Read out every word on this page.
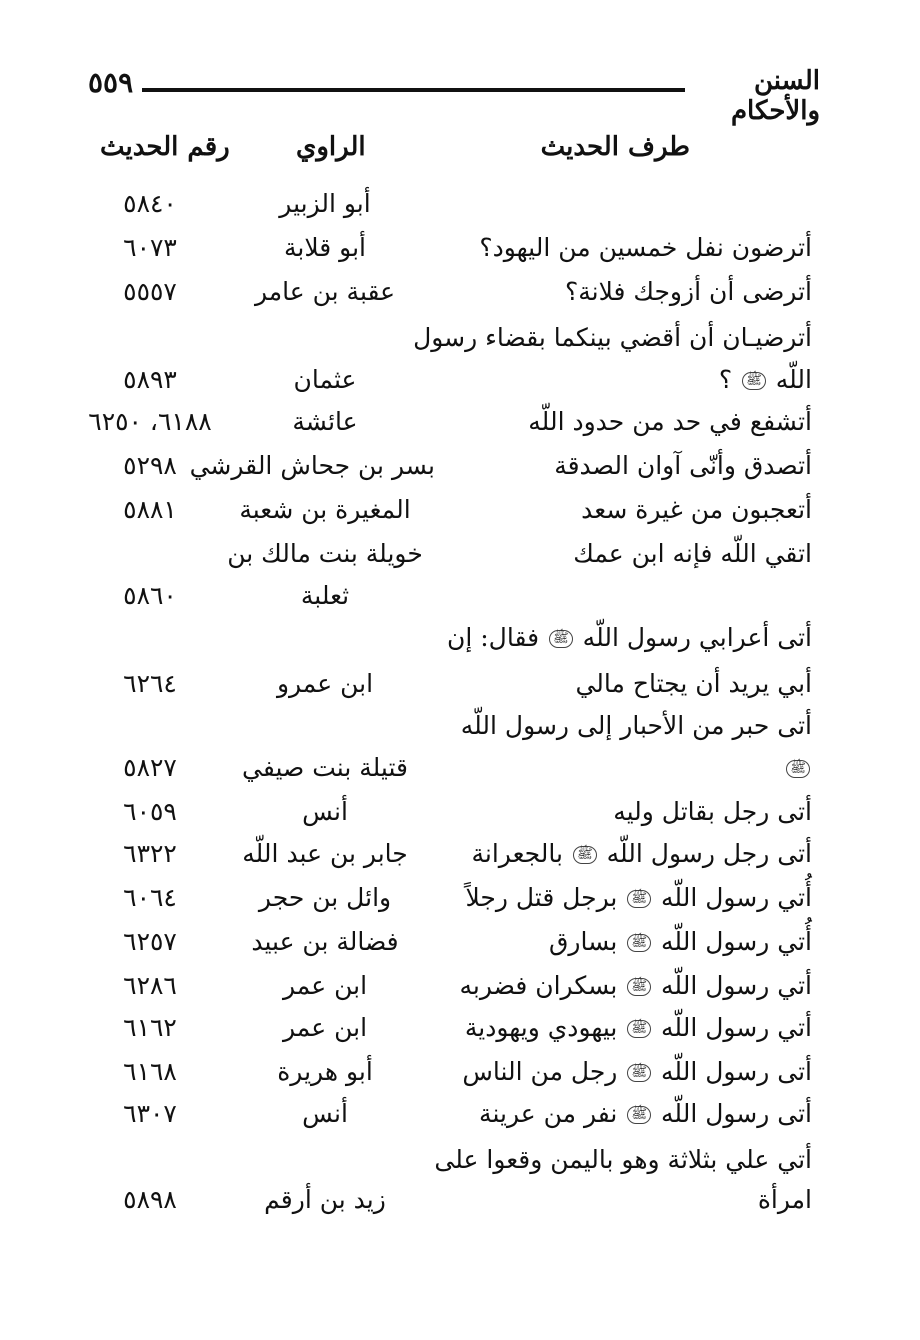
٥٥٩	السنن والأحكام
طرف الحديث
الراوي
رقم الحديث
أبو الزبير
٥٨٤٠
أترضون نفل خمسين من اليهود؟
أبو قلابة
٦٠٧٣
أترضى أن أزوجك فلانة؟
عقبة بن عامر
٥٥٥٧
أترضيـان أن أقضي بينكما بقضاء رسول
اللّه ﷺ ؟
عثمان
٥٨٩٣
أتشفع في حد من حدود اللّه
عائشة
٦١٨٨، ٦٢٥٠
أتصدق وأنّى آوان الصدقة
بسر بن جحاش القرشي
٥٢٩٨
أتعجبون من غيرة سعد
المغيرة بن شعبة
٥٨٨١
اتقي اللّه فإنه ابن عمك
خويلة بنت مالك بن
ثعلبة
٥٨٦٠
أتى أعرابي رسول اللّه ﷺ فقال: إن
أبي يريد أن يجتاح مالي
ابن عمرو
٦٢٦٤
أتى حبر من الأحبار إلى رسول اللّه
ﷺ
قتيلة بنت صيفي
٥٨٢٧
أتى رجل بقاتل وليه
أنس
٦٠٥٩
أتى رجل رسول اللّه ﷺ بالجعرانة
جابر بن عبد اللّه
٦٣٢٢
أُتي رسول اللّه ﷺ برجل قتل رجلاً
وائل بن حجر
٦٠٦٤
أُتي رسول اللّه ﷺ بسارق
فضالة بن عبيد
٦٢٥٧
أتي رسول اللّه ﷺ بسكران فضربه
ابن عمر
٦٢٨٦
أتي رسول اللّه ﷺ بيهودي ويهودية
ابن عمر
٦١٦٢
أتى رسول اللّه ﷺ رجل من الناس
أبو هريرة
٦١٦٨
أتى رسول اللّه ﷺ نفر من عرينة
أنس
٦٣٠٧
أتي علي بثلاثة وهو باليمن وقعوا على
امرأة
زيد بن أرقم
٥٨٩٨
